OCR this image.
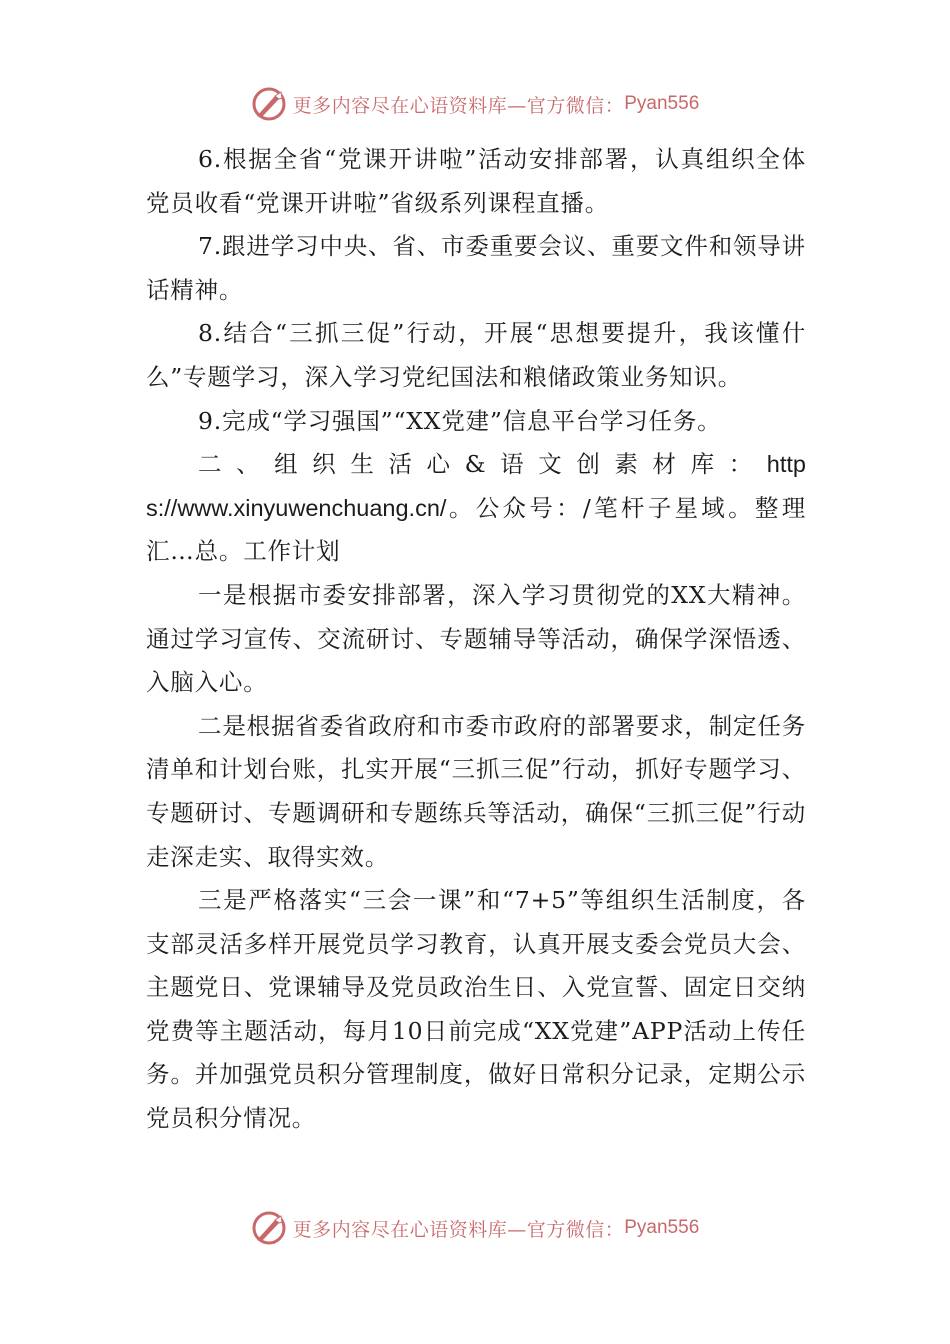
更多内容尽在心语资料库—官方微信： Pyan556

6.根据全省“党课开讲啦”活动安排部署，认真组织全体党员收看“党课开讲啦”省级系列课程直播。

7.跟进学习中央、省、市委重要会议、重要文件和领导讲话精神。

8.结合“三抓三促”行动，开展“思想要提升，我该懂什么”专题学习，深入学习党纪国法和粮储政策业务知识。

9.完成“学习强国”“XX党建”信息平台学习任务。

二、组织生活心&语文创素材库：https://www.xinyuwenchuang.cn/。公众号：/笔杆子星域。整理汇…总。工作计划

一是根据市委安排部署，深入学习贯彻党的XX大精神。通过学习宣传、交流研讨、专题辅导等活动，确保学深悟透、入脑入心。

二是根据省委省政府和市委市政府的部署要求，制定任务清单和计划台账，扎实开展“三抓三促”行动，抓好专题学习、专题研讨、专题调研和专题练兵等活动，确保“三抓三促”行动走深走实、取得实效。

三是严格落实“三会一课”和“7+5”等组织生活制度，各支部灵活多样开展党员学习教育，认真开展支委会党员大会、主题党日、党课辅导及党员政治生日、入党宣誓、固定日交纳党费等主题活动，每月10日前完成“XX党建”APP活动上传任务。并加强党员积分管理制度，做好日常积分记录，定期公示党员积分情况。

更多内容尽在心语资料库—官方微信： Pyan556
